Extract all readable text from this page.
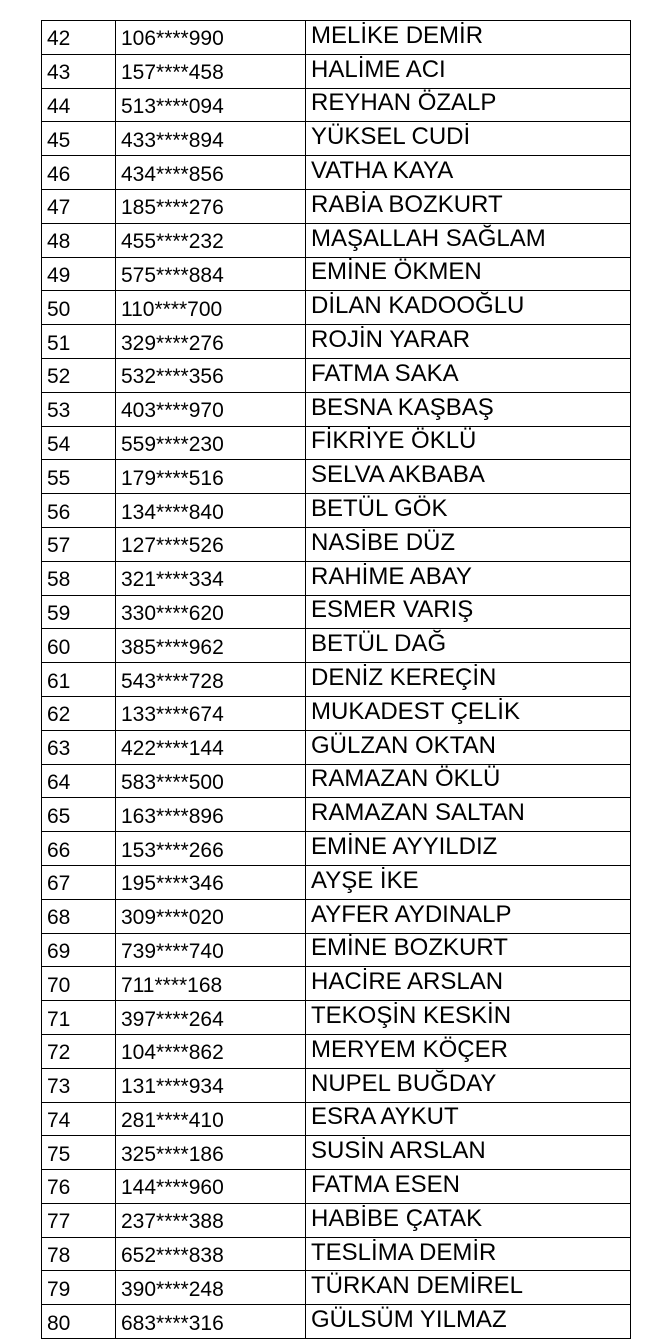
42	106****990	MELİKE DEMİR
43	157****458	HALİME ACI
44	513****094	REYHAN ÖZALP
45	433****894	YÜKSEL CUDİ
46	434****856	VATHA KAYA
47	185****276	RABİA BOZKURT
48	455****232	MAŞALLAH SAĞLAM
49	575****884	EMİNE ÖKMEN
50	110****700	DİLAN KADOOĞLU
51	329****276	ROJİN YARAR
52	532****356	FATMA SAKA
53	403****970	BESNA KAŞBAŞ
54	559****230	FİKRİYE ÖKLÜ
55	179****516	SELVA AKBABA
56	134****840	BETÜL GÖK
57	127****526	NASİBE DÜZ
58	321****334	RAHİME ABAY
59	330****620	ESMER VARIŞ
60	385****962	BETÜL DAĞ
61	543****728	DENİZ KEREÇİN
62	133****674	MUKADEST ÇELİK
63	422****144	GÜLZAN OKTAN
64	583****500	RAMAZAN ÖKLÜ
65	163****896	RAMAZAN SALTAN
66	153****266	EMİNE AYYILDIZ
67	195****346	AYŞE İKE
68	309****020	AYFER AYDINALP
69	739****740	EMİNE BOZKURT
70	711****168	HACİRE ARSLAN
71	397****264	TEKOŞİN KESKİN
72	104****862	MERYEM KÖÇER
73	131****934	NUPEL BUĞDAY
74	281****410	ESRA AYKUT
75	325****186	SUSİN ARSLAN
76	144****960	FATMA ESEN
77	237****388	HABİBE ÇATAK
78	652****838	TESLİMA DEMİR
79	390****248	TÜRKAN DEMİREL
80	683****316	GÜLSÜM YILMAZ
